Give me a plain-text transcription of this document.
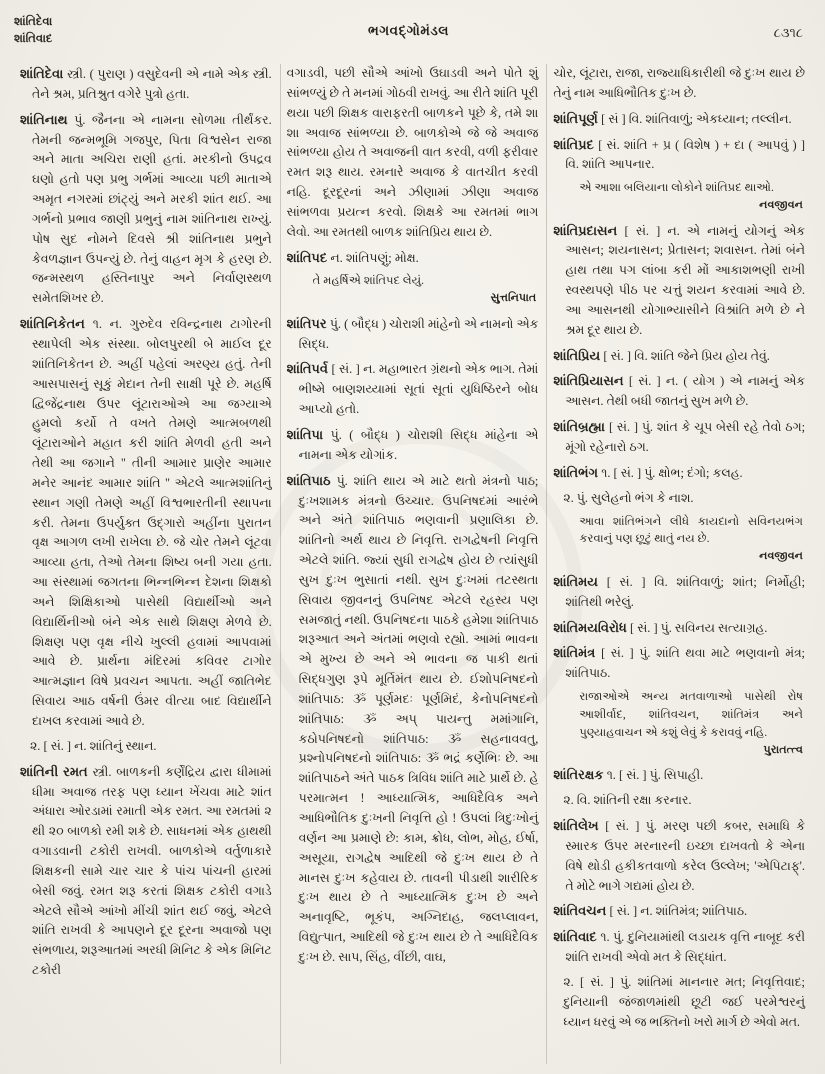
શાંતિદેવા
શાંતિવાદ
ભગવદ્ગોમંડલ	૮૩૧૮

શાંતિદેવા સ્ત્રી. ( પુરાણ ) વસુદેવની એ નામે એક સ્ત્રી. તેને શ્રમ, પ્રતિશ્રુત વગેરે પુત્રો હતા.

શાંતિનાથ પું. જૈનના એ નામના સોળમા તીર્થંકર. તેમની જન્મભૂમિ ગજપુર, પિતા વિશ્વસેન રાજા અને માતા અચિરા રાણી હતાં. મરકીનો ઉપદ્રવ ઘણો હતો પણ પ્રભુ ગર્ભમાં આવ્યા પછી માતાએ અમૃત નગરમાં છાંટ્યું અને મરકી શાંત થઈ. આ ગર્ભનો પ્રભાવ જાણી પ્રભુનું નામ શાંતિનાથ રાખ્યું. પોષ સુદ નોમને દિવસે શ્રી શાંતિનાથ પ્રભુને કેવળજ્ઞાન ઉપન્યું છે. તેનું વાહન મૃગ કે હરણ છે. જન્મસ્થળ હસ્તિનાપુર અને નિર્વાણસ્થળ સમેતશિખર છે.

શાંતિનિકેતન ૧. ન. ગુરુદેવ રવિન્દ્રનાથ ટાગોરની સ્થાપેલી એક સંસ્થા. બોલપુરથી બે માઈલ દૂર શાંતિનિકેતન છે. અહીં પહેલાં અરણ્ય હતું. તેની આસપાસનું સૂકું મેદાન તેની સાક્ષી પૂરે છે. મહર્ષિ દ્વિજેંદ્રનાથ ઉપર લૂંટારાઓએ આ જગ્યાએ હુમલો કર્યો તે વખતે તેમણે આત્મબળથી લૂંટારાઓને મહાત કરી શાંતિ મેળવી હતી અને તેથી આ જગાને '' તીની આમાર પ્રાણેર આમાર મનેર આનંદ આમાર શાંતિ '' એટલે આત્મશાંતિનું સ્થાન ગણી તેમણે અહીં વિશ્વભારતીની સ્થાપના કરી. તેમના ઉપર્યુક્ત ઉદ્ગારો અહીંના પુરાતન વૃક્ષ આગળ લખી રાખેલા છે. જે ચોર તેમને લૂંટવા આવ્યા હતા, તેઓ તેમના શિષ્ય બની ગયા હતા. આ સંસ્થામાં જગતના ભિન્નભિન્ન દેશના શિક્ષકો અને શિક્ષિકાઓ પાસેથી વિદ્યાર્થીઓ અને વિદ્યાર્થિનીઓ બંને એક સાથે શિક્ષણ મેળવે છે. શિક્ષણ પણ વૃક્ષ નીચે ખુલ્લી હવામાં આપવામાં આવે છે. પ્રાર્થના મંદિરમાં કવિવર ટાગોર આત્મજ્ઞાન વિષે પ્રવચન આપતા. અહીં જાતિભેદ સિવાય આઠ વર્ષની ઉંમર વીત્યા બાદ વિદ્યાર્થીને દાખલ કરવામાં આવે છે.

૨. [ સં. ] ન. શાંતિનું સ્થાન.

શાંતિની રમત સ્ત્રી. બાળકની કર્ણેંદ્રિય દ્વારા ધીમામાં ધીમા અવાજ તરફ પણ ધ્યાન ખેંચવા માટે શાંત અંધારા ઓરડામાં રમાતી એક રમત. આ રમતમાં ૨ થી ૨૦ બાળકો રમી શકે છે. સાધનમાં એક હાથથી વગાડવાની ટકોરી રાખવી. બાળકોએ વર્તુળાકારે શિક્ષકની સામે ચાર ચાર કે પાંચ પાંચની હારમાં બેસી જવું. રમત શરૂ કરતાં શિક્ષક ટકોરી વગાડે એટલે સૌએ આંખો મીંચી શાંત થઈ જવું, એટલે શાંતિ રાખવી કે આપણને દૂર દૂરના અવાજો પણ સંભળાય, શરૂઆતમાં અરધી મિનિટ કે એક મિનિટ ટકોરી

વગાડવી, પછી સૌએ આંખો ઉઘાડવી અને પોતે શું સાંભળ્યું છે તે મનમાં ગોઠવી રાખવું. આ રીતે શાંતિ પૂરી થયા પછી શિક્ષક વારાફરતી બાળકને પૂછે કે, તમે શા શા અવાજ સાંભળ્યા છે. બાળકોએ જે જે અવાજ સાંભળ્યા હોય તે અવાજની વાત કરવી, વળી ફરીવાર રમત શરૂ થાય. રમનારે અવાજ કે વાતચીત કરવી નહિ. દૂરદૂરનાં અને ઝીણામાં ઝીણા અવાજ સાંભળવા પ્રયત્ન કરવો. શિક્ષકે આ રમતમાં ભાગ લેવો. આ રમતથી બાળક શાંતિપ્રિય થાય છે.

શાંતિપદ ન. શાંતિપણું; મોક્ષ.

તે મહર્ષિએ શાંતિપદ લેયું.
સુત્તનિપાત

શાંતિપર પું. ( બૌદ્ધ ) ચોરાશી માંહેનો એ નામનો એક સિદ્ધ.

શાંતિપર્વ [ સં. ] ન. મહાભારત ગ્રંથનો એક ભાગ. તેમાં ભીષ્મે બાણશય્યામાં સૂતાં સૂતાં યુધિષ્ઠિરને બોધ આપ્યો હતો.

શાંતિપા પું. ( બૌદ્ધ ) ચોરાશી સિદ્ધ માંહેના એ નામના એક યોગાંક.

શાંતિપાઠ પું. શાંતિ થાય એ માટે થતો મંત્રનો પાઠ; દુઃખશામક મંત્રનો ઉચ્ચાર. ઉપનિષદમાં આરંભે અને અંતે શાંતિપાઠ ભણવાની પ્રણાલિકા છે. શાંતિનો અર્થ થાય છે નિવૃત્તિ. રાગદ્વેષની નિવૃત્તિ એટલે શાંતિ. જ્યાં સુધી રાગદ્વેષ હોય છે ત્યાંસુધી સુખ દુઃખ ભુસાતાં નથી. સુખ દુઃખમાં તટસ્થતા સિવાય જીવનનું ઉપનિષદ એટલે રહસ્ય પણ સમજાતું નથી. ઉપનિષદના પાઠકે હમેશા શાંતિપાઠ શરૂઆત અને અંતમાં ભણવો રહ્યો. આમાં ભાવના એ મુખ્ય છે અને એ ભાવના જ પાકી થતાં સિદ્ધગુણ રૂપે મૂર્તિમંત થાય છે. ઈશોપનિષદનો શાંતિપાઠ: ૐ પૂર્ણમદઃ પૂર્ણમિદં, કેનોપનિષદનો શાંતિપાઠ: ૐ અપ્ પાયન્તુ મમાંગાનિ, કઠોપનિષદનો શાંતિપાઠ: ૐ સહનાવવતુ, પ્રશ્નોપનિષદનો શાંતિપાઠ: ૐ ભદ્રં કર્ણેભિઃ છે. આ શાંતિપાઠને અંતે પાઠક ત્રિવિધ શાંતિ માટે પ્રાર્થે છે. હે પરમાત્મન ! આધ્યાત્મિક, આધિદૈવિક અને આધિભૌતિક દુઃખની નિવૃત્તિ હો ! ઉપલાં ત્રિદુઃખોનું વર્ણન આ પ્રમાણે છે: કામ, ક્રોધ, લોભ, મોહ, ઈર્ષા, અસૂયા, રાગદ્વેષ આદિથી જે દુઃખ થાય છે તે માનસ દુઃખ કહેવાય છે. તાવની પીડાથી શારીરિક દુઃખ થાય છે તે આધ્યાત્મિક દુઃખ છે અને અનાવૃષ્ટિ, ભૂકંપ, અગ્નિદાહ, જલપ્લાવન, વિદ્યુત્પાત, આદિથી જે દુઃખ થાય છે તે આધિદૈવિક દુઃખ છે. સાપ, સિંહ, વીંછી, વાઘ,

ચોર, લૂંટારા, રાજા, રાજ્યાધિકારીથી જે દુઃખ થાય છે તેનું નામ આધિભૌતિક દુઃખ છે.

શાંતિપૂર્ણ [ સં ] વિ. શાંતિવાળું; એકધ્યાન; તલ્લીન.

શાંતિપ્રદ [ સં. શાંતિ + પ્ર ( વિશેષ ) + દા ( આપવું ) ] વિ. શાંતિ આપનાર.

એ આશા બલિયાના લોકોને શાંતિપ્રદ થાઓ.
નવજીવન

શાંતિપ્રદાસન [ સં. ] ન. એ નામનું યોગનું એક આસન; શયનાસન; પ્રેતાસન; શવાસન. તેમાં બંને હાથ તથા પગ લાંબા કરી મોં આકાશભણી રાખી સ્વસ્થપણે પીઠ પર ચત્તું શયન કરવામાં આવે છે. આ આસનથી યોગાભ્યાસીને વિશ્રાંતિ મળે છે ને શ્રમ દૂર થાય છે.

શાંતિપ્રિય [ સં. ] વિ. શાંતિ જેને પ્રિય હોય તેવું.

શાંતિપ્રિયાસન [ સં. ] ન. ( યોગ ) એ નામનું એક આસન. તેથી બધી જાતનું સુખ મળે છે.

શાંતિબ્રહ્મા [ સં. ] પું. શાંત કે ચૂપ બેસી રહે તેવો ઠગ; મૂંગો રહેનારો ઠગ.

શાંતિભંગ ૧. [ સં. ] પું. ક્ષોભ; દંગો; કલહ.

૨. પું. સુલેહનો ભંગ કે નાશ.

આવા શાંતિભંગને લીધે કાયદાનો સવિનયભંગ કરવાનું પણ છૂટું થાતું નય છે.
નવજીવન

શાંતિમય [ સં. ] વિ. શાંતિવાળું; શાંત; નિર્મોહી; શાંતિથી ભરેલું.

શાંતિમયવિરોધ [ સં. ] પું. સવિનય સત્યાગ્રહ.

શાંતિમંત્ર [ સં. ] પું. શાંતિ થવા માટે ભણવાનો મંત્ર; શાંતિપાઠ.

રાજાઓએ અન્ય મતવાળાઓ પાસેથી રોષ આશીર્વાદ, શાંતિવચન, શાંતિમંત્ર અને પુણ્યાહવાચન એ કશું લેવું કે કરાવવું નહિ.
પુરાતત્ત્વ

શાંતિરક્ષક ૧. [ સં. ] પું. સિપાહી.

૨. વિ. શાંતિની રક્ષા કરનાર.

શાંતિલેખ [ સં. ] પું. મરણ પછી કબર, સમાધિ કે સ્મારક ઉપર મરનારની ઇચ્છા દાખવતો કે એના વિષે થોડી હકીકતવાળો કરેલ ઉલ્લેખ; 'એપિટાફ્'. તે મોટે ભાગે ગદ્યમાં હોય છે.

શાંતિવચન [ સં. ] ન. શાંતિમંત્ર; શાંતિપાઠ.

શાંતિવાદ ૧. પું. દુનિયામાંથી લડાયક વૃત્તિ નાબૂદ કરી શાંતિ રાખવી એવો મત કે સિદ્ધાંત.

૨. [ સં. ] પું. શાંતિમાં માનનાર મત; નિવૃત્તિવાદ; દુનિયાની જંજાળમાંથી છૂટી જઈ પરમેશ્વરનું ધ્યાન ધરવું એ જ ભક્તિનો ખરો માર્ગ છે એવો મત.
